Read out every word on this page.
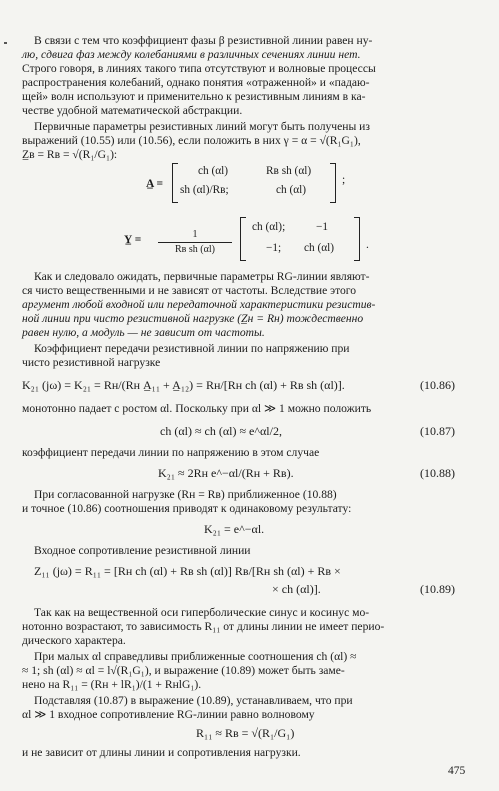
В связи с тем что коэффициент фазы β резистивной линии равен ну-
лю, сдвига фаз между колебаниями в различных сечениях линии нет.
Строго говоря, в линиях такого типа отсутствуют и волновые процессы
распространения колебаний, однако понятия «отраженной» и «падаю-
щей» волн используют и применительно к резистивным линиям в ка-
честве удобной математической абстракции.
Первичные параметры резистивных линий могут быть получены из
выражений (10.55) или (10.56), если положить в них γ = α = √(R₁G₁),
Z̲в = Rв = √(R₁/G₁):
A̲ =
ch (αl)	Rв sh (αl)
sh (αl)/Rв;	ch (αl)
;
Y̲ =	1
Rв sh (αl)
ch (αl);	−1
−1; ch (αl)	.
Как и следовало ожидать, первичные параметры RG-линии являют-
ся чисто вещественными и не зависят от частоты. Вследствие этого
аргумент любой входной или передаточной характеристики резистив-
ной линии при чисто резистивной нагрузке (Z̲н = Rн) тождественно
равен нулю, а модуль — не зависит от частоты.
Коэффициент передачи резистивной линии по напряжению при
чисто резистивной нагрузке
K₂₁ (jω) = K₂₁ = Rн/(Rн A̲₁₁ + A̲₁₂) = Rн/[Rн ch (αl) + Rв sh (αl)].	(10.86)
монотонно падает с ростом αl. Поскольку при αl ≫ 1 можно положить
ch (αl) ≈ ch (αl) ≈ e^αl/2,	(10.87)
коэффициент передачи линии по напряжению в этом случае
K₂₁ ≈ 2Rн e^−αl/(Rн + Rв).	(10.88)
При согласованной нагрузке (Rн = Rв) приближенное (10.88)
и точное (10.86) соотношения приводят к одинаковому результату:
K₂₁ = e^−αl.
Входное сопротивление резистивной линии
Z₁₁ (jω) = R₁₁ = [Rн ch (αl) + Rв sh (αl)] Rв/[Rн sh (αl) + Rв ×
× ch (αl)].	(10.89)
Так как на вещественной оси гиперболические синус и косинус мо-
нотонно возрастают, то зависимость R₁₁ от длины линии не имеет перио-
дического характера.
При малых αl справедливы приближенные соотношения ch (αl) ≈
≈ 1; sh (αl) ≈ αl = l√(R₁G₁), и выражение (10.89) может быть заме-
нено на R₁₁ = (Rн + lR₁)/(1 + RнlG₁).
Подставляя (10.87) в выражение (10.89), устанавливаем, что при
αl ≫ 1 входное сопротивление RG-линии равно волновому
R₁₁ ≈ Rв = √(R₁/G₁)
и не зависит от длины линии и сопротивления нагрузки.
475
